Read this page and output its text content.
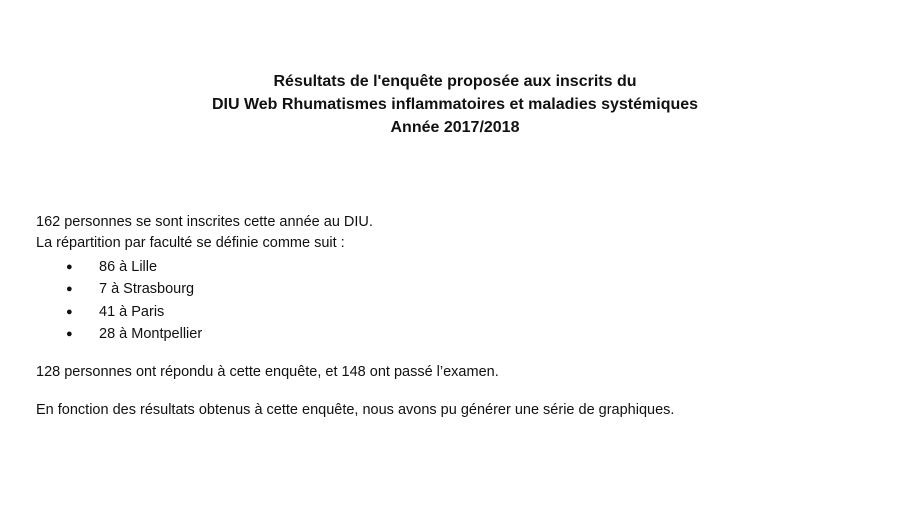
Résultats de l'enquête proposée aux inscrits du
DIU Web Rhumatismes inflammatoires et maladies systémiques
Année 2017/2018

162 personnes se sont inscrites cette année au DIU.

La répartition par faculté se définie comme suit :

● 86 à Lille
● 7 à Strasbourg
● 41 à Paris
● 28 à Montpellier

128 personnes ont répondu à cette enquête, et 148 ont passé l’examen.

En fonction des résultats obtenus à cette enquête, nous avons pu générer une série de graphiques.
